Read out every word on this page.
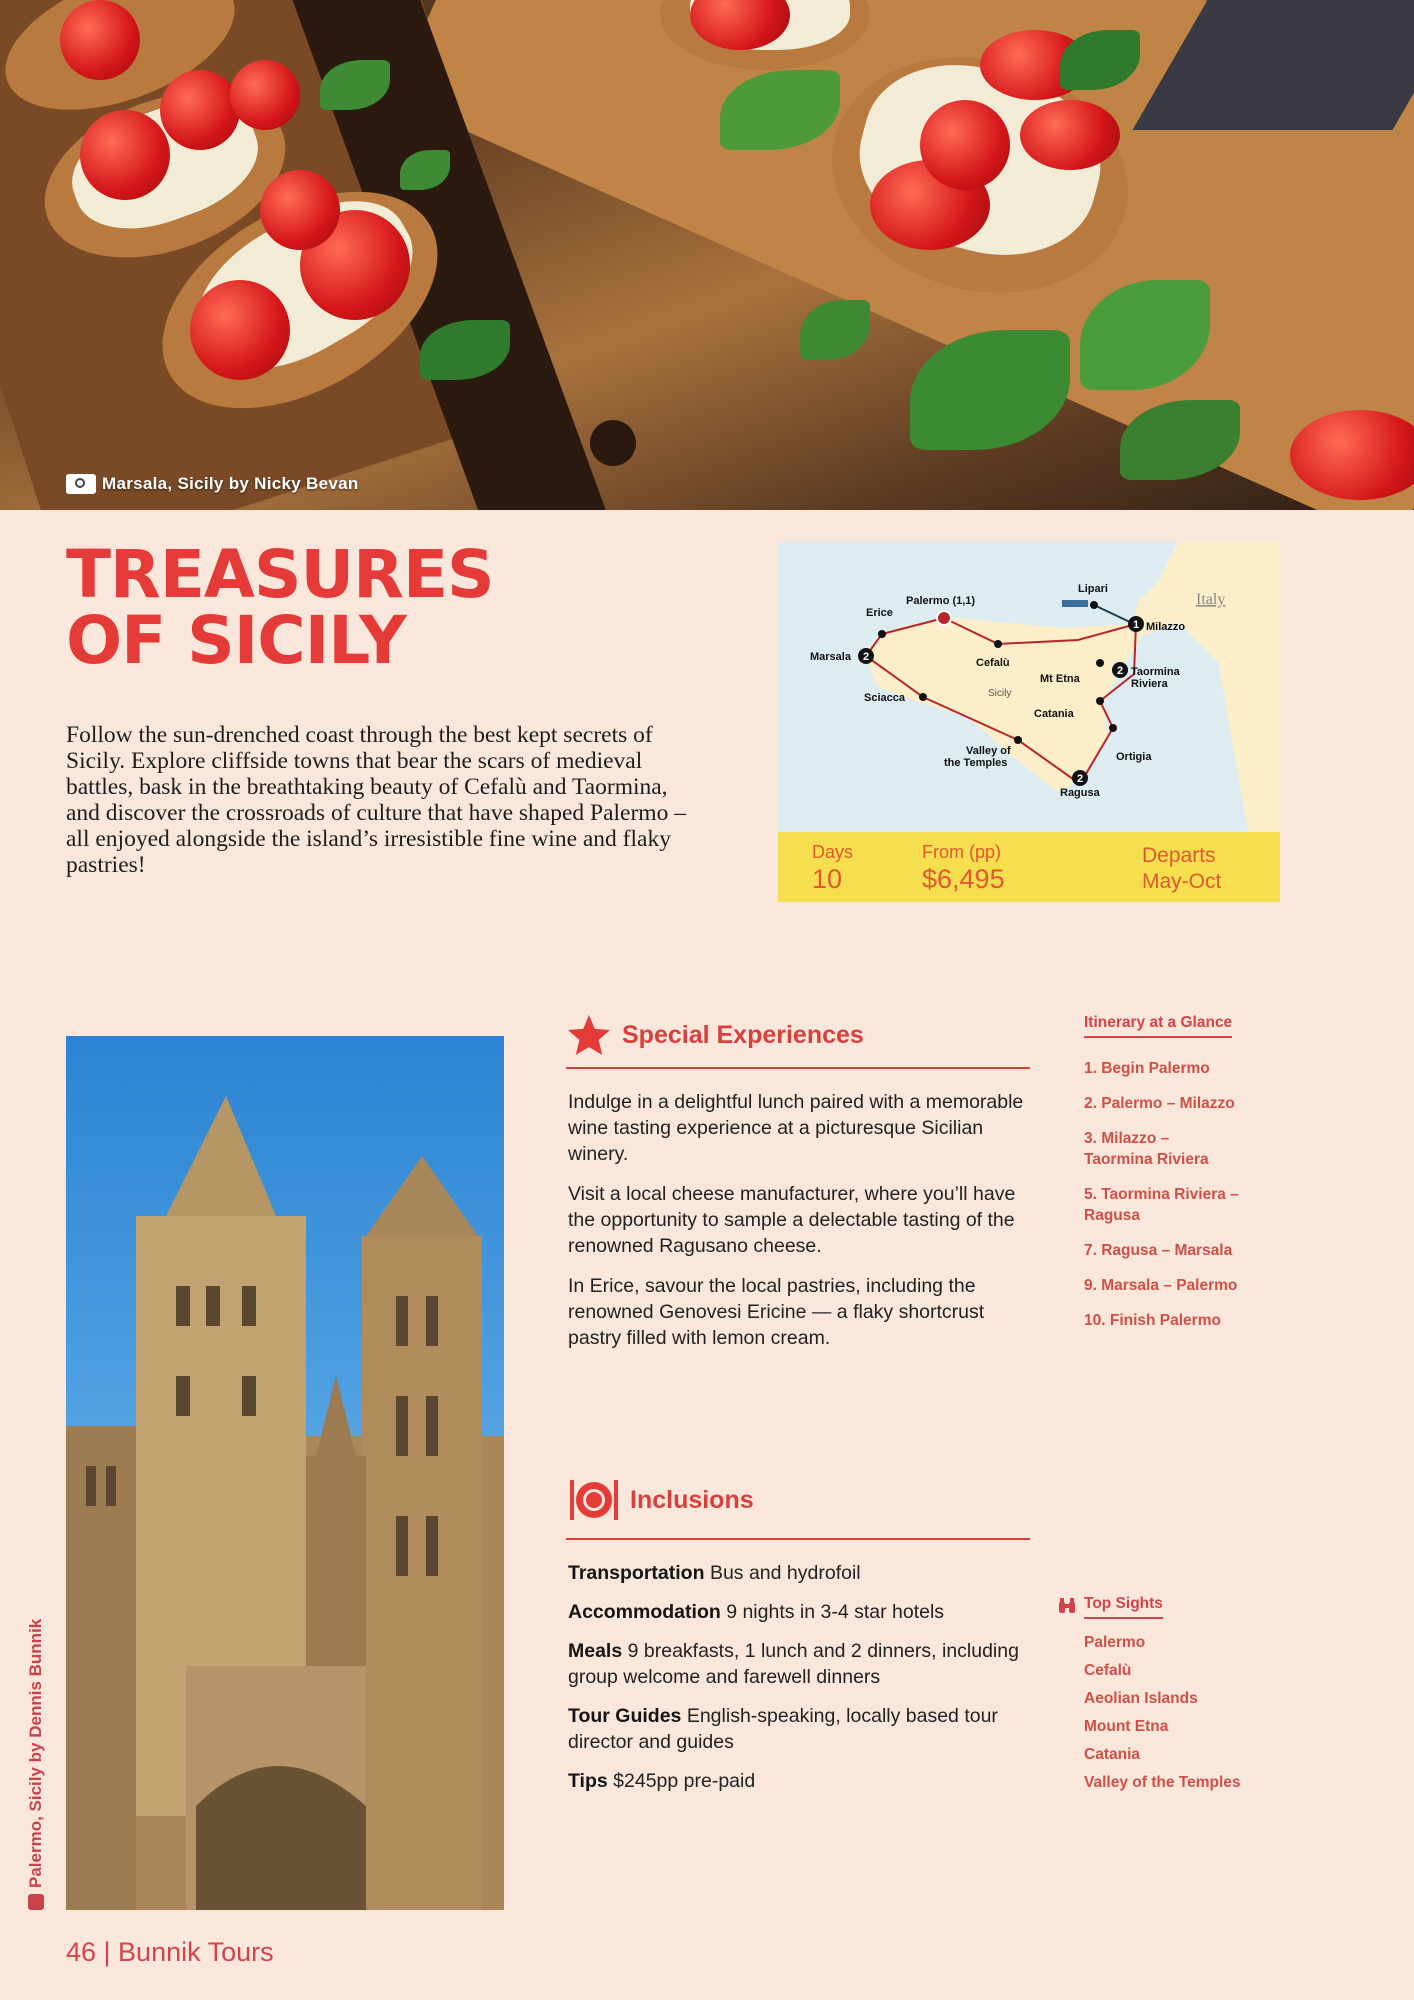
Marsala, Sicily by Nicky Bevan
TREASURES
OF SICILY
Follow the sun-drenched coast through the best kept secrets of Sicily. Explore cliffside towns that bear the scars of medieval battles, bask in the breathtaking beauty of Cefalù and Taormina, and discover the crossroads of culture that have shaped Palermo – all enjoyed alongside the island’s irresistible fine wine and flaky pastries!
2
1
2
2
Palermo (1,1)
Erice
Marsala
Lipari
Milazzo
Cefalù
Mt Etna
Taormina
Riviera
Sciacca
Catania
Valley of
the Temples	Ortigia
Ragusa
Sicily
Italy
Days
10
From (pp)
$6,495
Departs
May-Oct
Palermo, Sicily by Dennis Bunnik
Special Experiences
Indulge in a delightful lunch paired with a memorable wine tasting experience at a picturesque Sicilian winery.
Visit a local cheese manufacturer, where you’ll have the opportunity to sample a delectable tasting of the renowned Ragusano cheese.
In Erice, savour the local pastries, including the renowned Genovesi Ericine — a flaky shortcrust pastry filled with lemon cream.
Inclusions
Transportation Bus and hydrofoil
Accommodation 9 nights in 3-4 star hotels
Meals 9 breakfasts, 1 lunch and 2 dinners, including group welcome and farewell dinners
Tour Guides English-speaking, locally based tour director and guides
Tips $245pp pre-paid
Itinerary at a Glance
1. Begin Palermo
2. Palermo – Milazzo
3. Milazzo – Taormina Riviera
5. Taormina Riviera – Ragusa
7. Ragusa – Marsala
9. Marsala – Palermo
10. Finish Palermo
Top Sights
Palermo
Cefalù
Aeolian Islands
Mount Etna
Catania
Valley of the Temples
46 | Bunnik Tours
